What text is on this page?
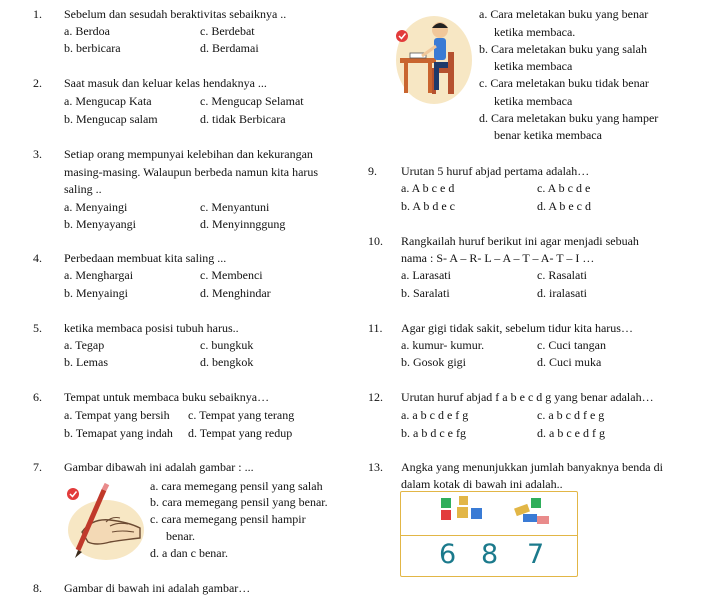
1. Sebelum dan sesudah beraktivitas sebaiknya ..
a. Berdoa	c. Berdebat
b. berbicara	d. Berdamai
2. Saat masuk dan keluar kelas hendaknya ...
a. Mengucap Kata	c. Mengucap Selamat
b. Mengucap salam	d. tidak Berbicara
3. Setiap orang mempunyai kelebihan dan kekurangan
masing-masing. Walaupun berbeda namun kita harus
saling ..
a. Menyaingi	c. Menyantuni
b. Menyayangi	d. Menyinnggung
4. Perbedaan membuat kita saling ...
a. Menghargai	c. Membenci
b. Menyaingi	d. Menghindar
5. ketika membaca posisi tubuh harus..
a. Tegap	c. bungkuk
b. Lemas	d. bengkok
6. Tempat untuk membaca buku sebaiknya…
a. Tempat yang bersih c. Tempat yang terang
b. Temapat yang indah d. Tempat yang redup
7. Gambar dibawah ini adalah gambar : ...
a. cara memegang pensil yang salah
b. cara memegang pensil yang benar.
c. cara memegang pensil hampir
benar.
d. a dan c benar.
8. Gambar di bawah ini adalah gambar…
a. Cara meletakan buku yang benar
ketika membaca.
b. Cara meletakan buku yang salah
ketika membaca
c. Cara meletakan buku tidak benar
ketika membaca
d. Cara meletakan buku yang hamper
benar ketika membaca
9. Urutan 5 huruf abjad pertama adalah…
a. A b c e d	c. A b c d e
b. A b d e c	d. A b e c d
10. Rangkailah huruf berikut ini agar menjadi sebuah
nama : S- A – R- L – A – T – A- T – I …
a. Larasati	c. Rasalati
b. Saralati	d. iralasati
11. Agar gigi tidak sakit, sebelum tidur kita harus…
a. kumur- kumur.	c. Cuci tangan
b. Gosok gigi	d. Cuci muka
12. Urutan huruf abjad f a b e c d g yang benar adalah…
a. a b c d e f g	c. a b c d f e g
b. a b d c e fg	d. a b c e d f g
13. Angka yang menunjukkan jumlah banyaknya benda di
dalam kotak di bawah ini adalah..
6 8 7
